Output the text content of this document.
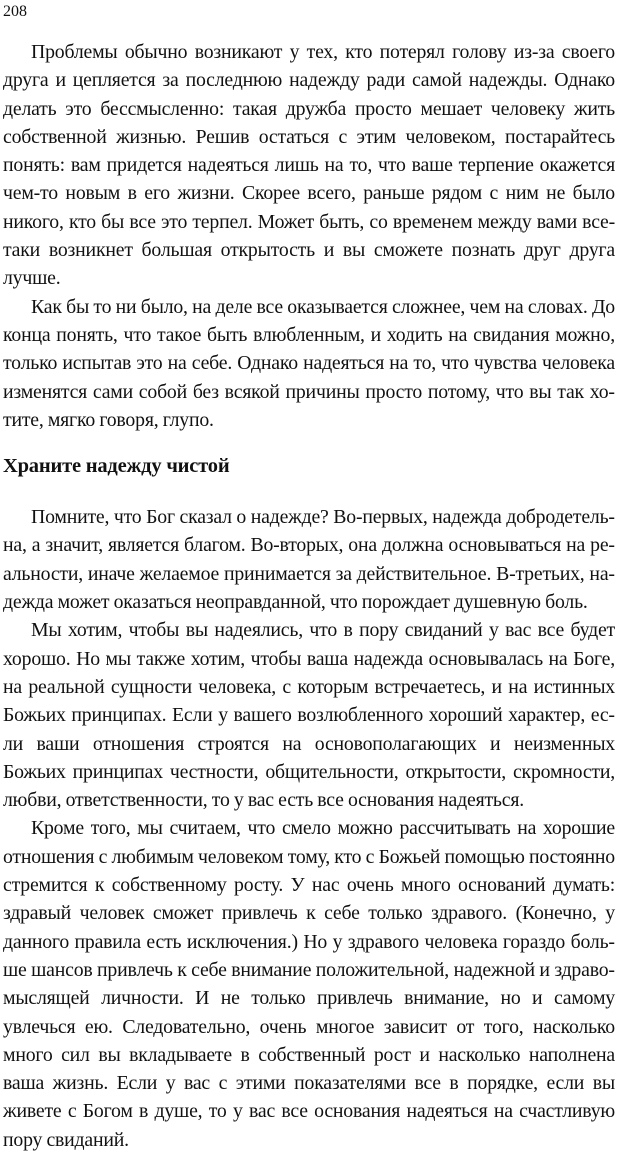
208

Проблемы обычно возникают у тех, кто потерял голову из-за своего друга и цепляется за последнюю надежду ради самой надежды. Однако делать это бессмысленно: такая дружба просто мешает человеку жить собственной жизнью. Решив остаться с этим человеком, постарайтесь понять: вам придется надеяться лишь на то, что ваше терпение окажется чем-то новым в его жизни. Скорее всего, раньше рядом с ним не было никого, кто бы все это терпел. Может быть, со временем между вами все-таки возникнет большая открытость и вы сможете познать друг друга лучше.

Как бы то ни было, на деле все оказывается сложнее, чем на словах. До конца понять, что такое быть влюбленным, и ходить на свидания можно, только испытав это на себе. Однако надеяться на то, что чувства человека изменятся сами собой без всякой причины просто потому, что вы так хотите, мягко говоря, глупо.

Храните надежду чистой

Помните, что Бог сказал о надежде? Во-первых, надежда добродетельна, а значит, является благом. Во-вторых, она должна основываться на реальности, иначе желаемое принимается за действительное. В-третьих, надежда может оказаться неоправданной, что порождает душевную боль.

Мы хотим, чтобы вы надеялись, что в пору свиданий у вас все будет хорошо. Но мы также хотим, чтобы ваша надежда основывалась на Боге, на реальной сущности человека, с которым встречаетесь, и на истинных Божьих принципах. Если у вашего возлюбленного хороший характер, если ваши отношения строятся на основополагающих и неизменных Божьих принципах честности, общительности, открытости, скромности, любви, ответственности, то у вас есть все основания надеяться.

Кроме того, мы считаем, что смело можно рассчитывать на хорошие отношения с любимым человеком тому, кто с Божьей помощью постоянно стремится к собственному росту. У нас очень много оснований думать: здравый человек сможет привлечь к себе только здравого. (Конечно, у данного правила есть исключения.) Но у здравого человека гораздо больше шансов привлечь к себе внимание положительной, надежной и здравомыслящей личности. И не только привлечь внимание, но и самому увлечься ею. Следовательно, очень многое зависит от того, насколько много сил вы вкладываете в собственный рост и насколько наполнена ваша жизнь. Если у вас с этими показателями все в порядке, если вы живете с Богом в душе, то у вас все основания надеяться на счастливую пору свиданий.
